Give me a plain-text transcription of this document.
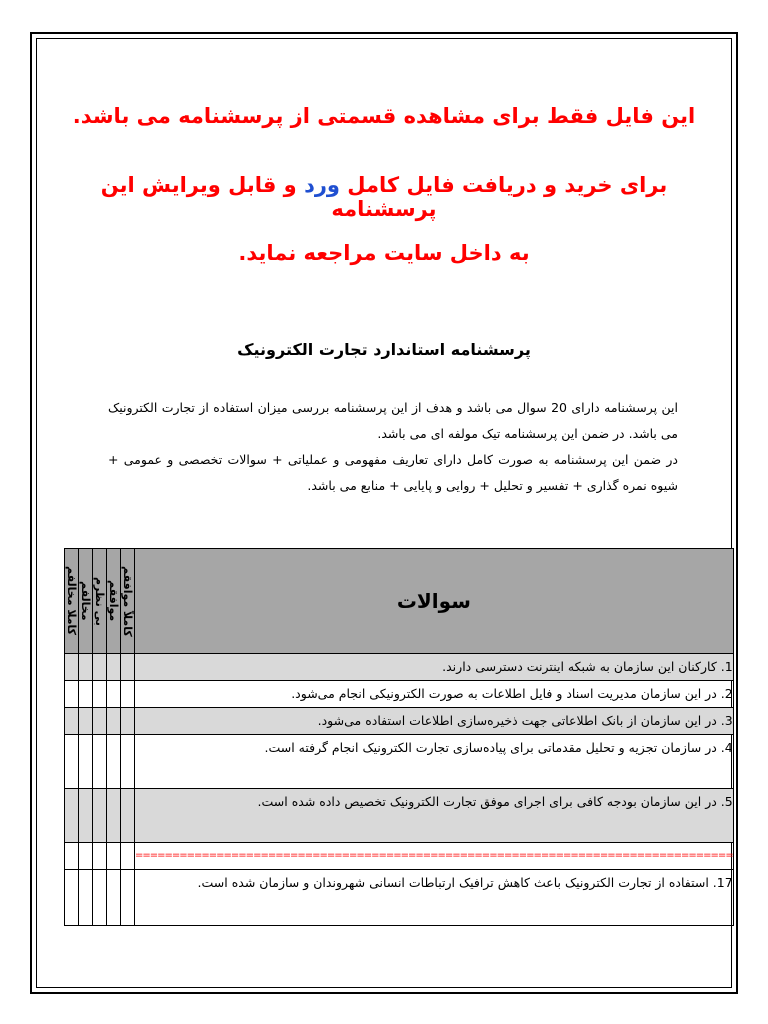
این فایل فقط برای مشاهده قسمتی از پرسشنامه می باشد.
برای خرید و دریافت فایل کامل ورد و قابل ویرایش این پرسشنامه
به داخل سایت مراجعه نماید.
پرسشنامه استاندارد تجارت الکترونیک
این پرسشنامه دارای 20 سوال می باشد و هدف از این پرسشنامه بررسی میزان استفاده از تجارت الکترونیک می باشد. در ضمن این پرسشنامه تیک مولفه ای می باشد.
در ضمن این پرسشنامه به صورت کامل دارای تعاریف مفهومی و عملیاتی + سوالات تخصصی و عمومی + شیوه نمره گذاری + تفسیر و تحلیل + روایی و پایایی + منابع می باشد.
سوالات	کاملاً موافقم	موافقم	بی نظرم	مخالفم	کاملا مخالفم

1. کارکنان این سازمان به شبکه اینترنت دسترسی دارند.					
2. در این سازمان مدیریت اسناد و فایل اطلاعات به صورت الکترونیکی انجام می‌شود.					
3. در این سازمان از بانک اطلاعاتی جهت ذخیره‌سازی اطلاعات استفاده می‌شود.					
4. در سازمان تجزیه و تحلیل مقدماتی برای پیاده‌سازی تجارت الکترونیک انجام گرفته است.					
5. در این سازمان بودجه کافی برای اجرای موفق تجارت الکترونیک تخصیص داده شده است.					

=================================================================================					

17. استفاده از تجارت الکترونیک باعث کاهش ترافیک ارتباطات انسانی شهروندان و سازمان شده است.					
